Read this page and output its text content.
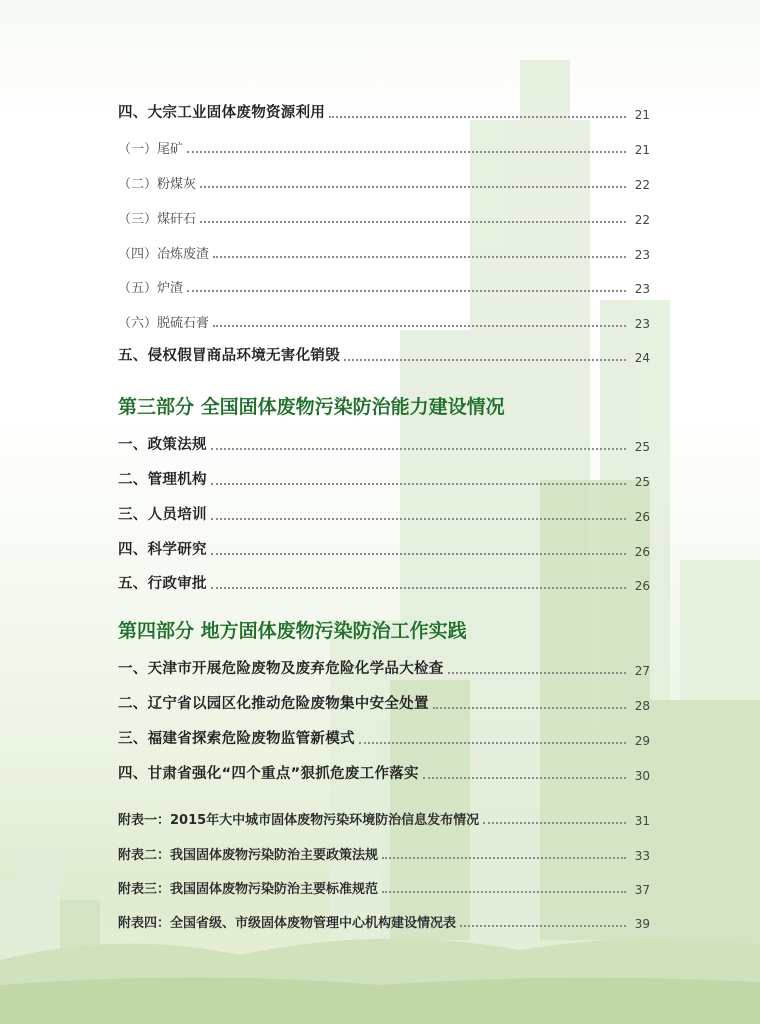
四、大宗工业固体废物资源利用	21
（一）尾矿	21
（二）粉煤灰	22
（三）煤矸石	22
（四）冶炼废渣	23
（五）炉渣	23
（六）脱硫石膏	23
五、侵权假冒商品环境无害化销毁	24
第三部分 全国固体废物污染防治能力建设情况
一、政策法规	25
二、管理机构	25
三、人员培训	26
四、科学研究	26
五、行政审批	26
第四部分 地方固体废物污染防治工作实践
一、天津市开展危险废物及废弃危险化学品大检查	27
二、辽宁省以园区化推动危险废物集中安全处置	28
三、福建省探索危险废物监管新模式	29
四、甘肃省强化“四个重点”狠抓危废工作落实	30
附表一：2015年大中城市固体废物污染环境防治信息发布情况	31
附表二：我国固体废物污染防治主要政策法规	33
附表三：我国固体废物污染防治主要标准规范	37
附表四：全国省级、市级固体废物管理中心机构建设情况表	39
